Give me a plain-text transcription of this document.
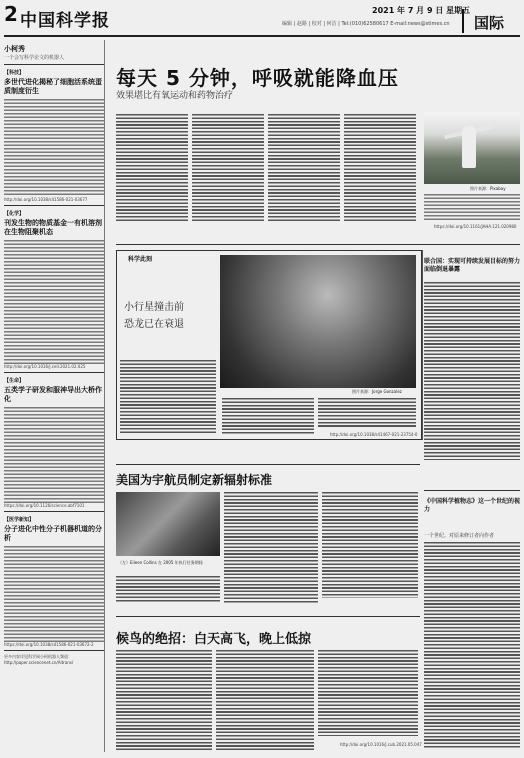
2 中国科学报
2021 年 7 月 9 日 星期五
编辑 | 赵路 | 校对 | 何洁 | Tel:(010)62580617 E-mail:news@stimes.cn 国际
小柯秀
一个会写科学论文的机器人
【科技】
多世代进化揭秘了细胞活系统蛋质制度衍生
http://doi.org/10.1038/s41586-021-03677
【化学】
刊发生物的物质基金一有机溶剂在生物阻聚机态
http://doi.org/10.1016/j.cell.2021.02.025
【生命】
五类学子研发和服神导出大桥作化
https://doi.org/10.1126/science.abf7101
【医学新知】
分子进化中性分子机器机道的分析
https://doi.org/10.1038/s41586-021-03672-2
更多内容详见科学网小柯机器人频道：http://paper.sciencenet.cn/Aitrans/
每天 5 分钟，呼吸就能降血压
效果堪比有氧运动和药物治疗
图片来源：Pixabay
https://doi.org/10.1161/JAHA.121.020980
科学此刻
小行星撞击前
恐龙已在衰退
图片来源：Jorge Gonzalez
http://doi.org/10.1038/s41467-021-23754-0
联合国：实现可持续发展目标的努力面临倒退暴露
美国为宇航员制定新辐射标准
（左）Eileen Collins 在 2005 年执行任务期间
《中国科学植物志》这一个世纪的视力
一个世纪、对原来修订者向作者
候鸟的绝招：白天高飞，晚上低掠
http://doi.org/10.1016/j.cub.2021.05.047
